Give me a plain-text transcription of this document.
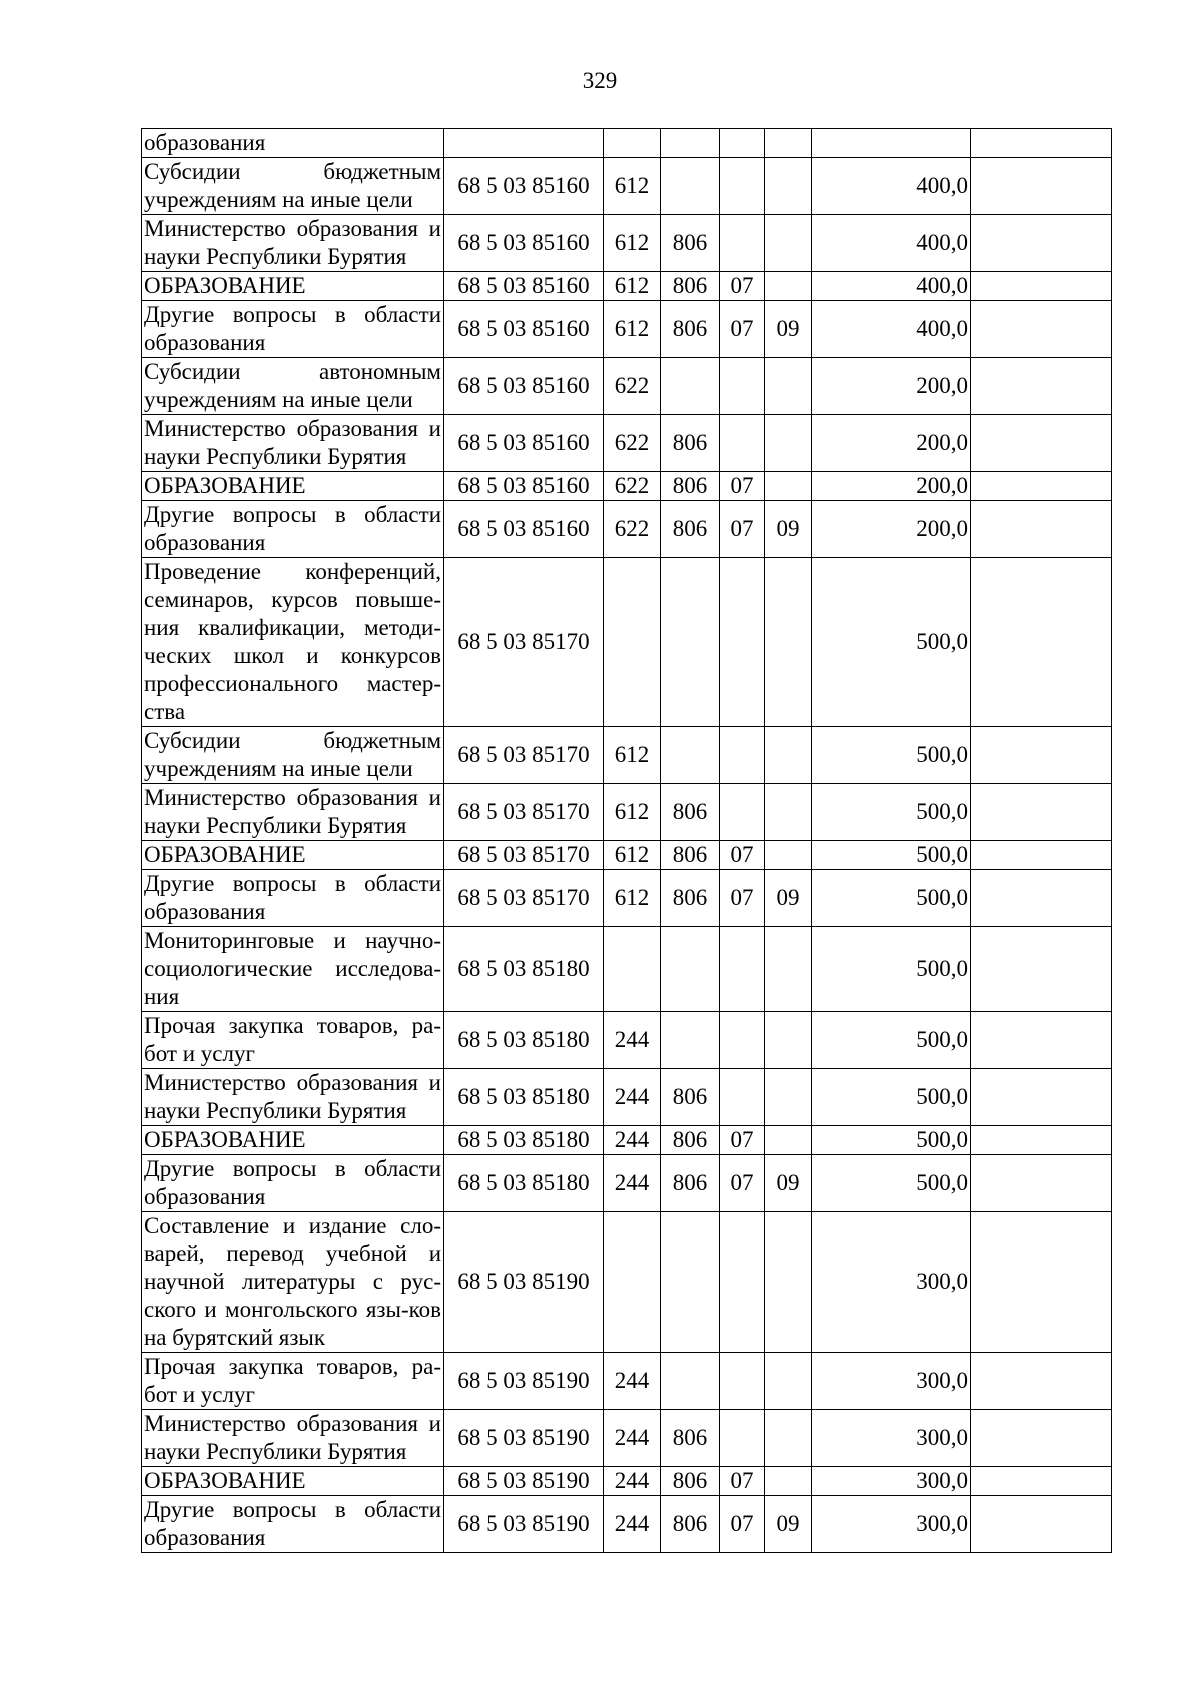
329
образования							
Субсидии бюджетным учреждениям на иные цели	68 5 03 85160	612				400,0	
Министерство образования и науки Республики Бурятия	68 5 03 85160	612	806			400,0	
ОБРАЗОВАНИЕ	68 5 03 85160	612	806	07		400,0	
Другие вопросы в области образования	68 5 03 85160	612	806	07	09	400,0	
Субсидии автономным учреждениям на иные цели	68 5 03 85160	622				200,0	
Министерство образования и науки Республики Бурятия	68 5 03 85160	622	806			200,0	
ОБРАЗОВАНИЕ	68 5 03 85160	622	806	07		200,0	
Другие вопросы в области образования	68 5 03 85160	622	806	07	09	200,0	
Проведение конференций, семинаров, курсов повыше-ния квалификации, методи-ческих школ и конкурсов профессионального мастер-ства	68 5 03 85170					500,0	
Субсидии бюджетным учреждениям на иные цели	68 5 03 85170	612				500,0	
Министерство образования и науки Республики Бурятия	68 5 03 85170	612	806			500,0	
ОБРАЗОВАНИЕ	68 5 03 85170	612	806	07		500,0	
Другие вопросы в области образования	68 5 03 85170	612	806	07	09	500,0	
Мониторинговые и научно-социологические исследова-ния	68 5 03 85180					500,0	
Прочая закупка товаров, ра-бот и услуг	68 5 03 85180	244				500,0	
Министерство образования и науки Республики Бурятия	68 5 03 85180	244	806			500,0	
ОБРАЗОВАНИЕ	68 5 03 85180	244	806	07		500,0	
Другие вопросы в области образования	68 5 03 85180	244	806	07	09	500,0	
Составление и издание сло-варей, перевод учебной и научной литературы с рус-ского и монгольского язы-ков на бурятский язык	68 5 03 85190					300,0	
Прочая закупка товаров, ра-бот и услуг	68 5 03 85190	244				300,0	
Министерство образования и науки Республики Бурятия	68 5 03 85190	244	806			300,0	
ОБРАЗОВАНИЕ	68 5 03 85190	244	806	07		300,0	
Другие вопросы в области образования	68 5 03 85190	244	806	07	09	300,0	
